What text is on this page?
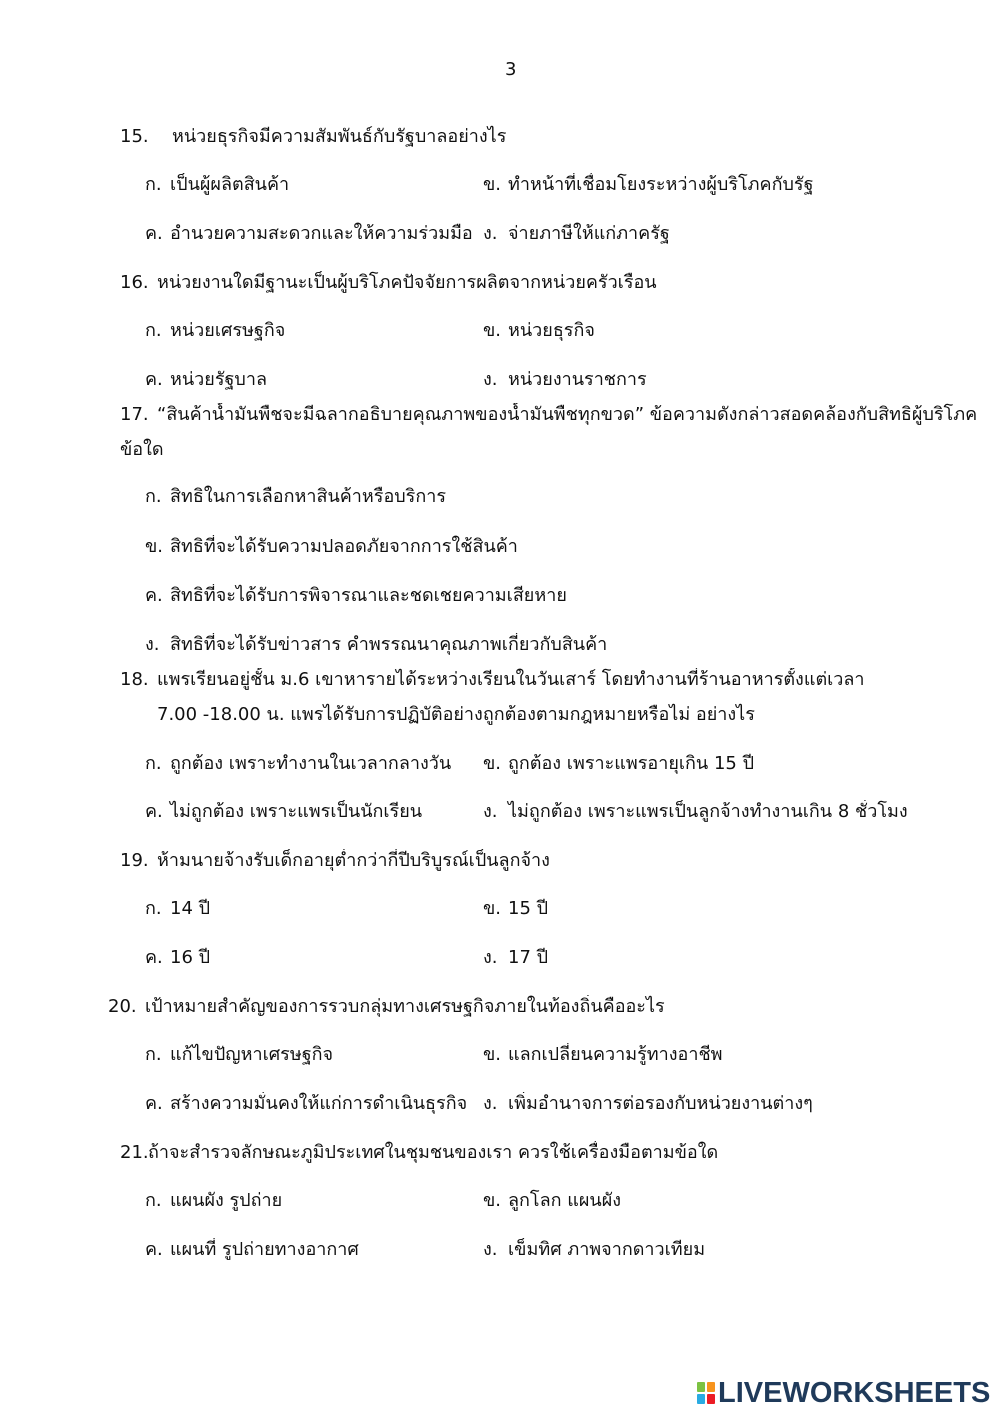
3
15. หน่วยธุรกิจมีความสัมพันธ์กับรัฐบาลอย่างไร
ก. เป็นผู้ผลิตสินค้า	ข. ทำหน้าที่เชื่อมโยงระหว่างผู้บริโภคกับรัฐ
ค. อำนวยความสะดวกและให้ความร่วมมือ ง. จ่ายภาษีให้แก่ภาครัฐ
16. หน่วยงานใดมีฐานะเป็นผู้บริโภคปัจจัยการผลิตจากหน่วยครัวเรือน
ก. หน่วยเศรษฐกิจ	ข. หน่วยธุรกิจ
ค. หน่วยรัฐบาล	ง. หน่วยงานราชการ
17. “สินค้าน้ำมันพืชจะมีฉลากอธิบายคุณภาพของน้ำมันพืชทุกขวด” ข้อความดังกล่าวสอดคล้องกับสิทธิผู้บริโภค
ข้อใด
ก. สิทธิในการเลือกหาสินค้าหรือบริการ
ข. สิทธิที่จะได้รับความปลอดภัยจากการใช้สินค้า
ค. สิทธิที่จะได้รับการพิจารณาและชดเชยความเสียหาย
ง. สิทธิที่จะได้รับข่าวสาร คำพรรณนาคุณภาพเกี่ยวกับสินค้า
18. แพรเรียนอยู่ชั้น ม.6 เขาหารายได้ระหว่างเรียนในวันเสาร์ โดยทำงานที่ร้านอาหารตั้งแต่เวลา
7.00 -18.00 น. แพรได้รับการปฏิบัติอย่างถูกต้องตามกฎหมายหรือไม่ อย่างไร
ก. ถูกต้อง เพราะทำงานในเวลากลางวัน ข. ถูกต้อง เพราะแพรอายุเกิน 15 ปี
ค. ไม่ถูกต้อง เพราะแพรเป็นนักเรียน	ง. ไม่ถูกต้อง เพราะแพรเป็นลูกจ้างทำงานเกิน 8 ชั่วโมง
19. ห้ามนายจ้างรับเด็กอายุต่ำกว่ากี่ปีบริบูรณ์เป็นลูกจ้าง
ก. 14 ปี	ข. 15 ปี
ค. 16 ปี	ง. 17 ปี
20. เป้าหมายสำคัญของการรวบกลุ่มทางเศรษฐกิจภายในท้องถิ่นคืออะไร
ก. แก้ไขปัญหาเศรษฐกิจ	ข. แลกเปลี่ยนความรู้ทางอาชีพ
ค. สร้างความมั่นคงให้แก่การดำเนินธุรกิจ ง. เพิ่มอำนาจการต่อรองกับหน่วยงานต่างๆ
21.ถ้าจะสำรวจลักษณะภูมิประเทศในชุมชนของเรา ควรใช้เครื่องมือตามข้อใด
ก. แผนผัง รูปถ่าย	ข. ลูกโลก แผนผัง
ค. แผนที่ รูปถ่ายทางอากาศ	ง. เข็มทิศ ภาพจากดาวเทียม
LIVEWORKSHEETS
